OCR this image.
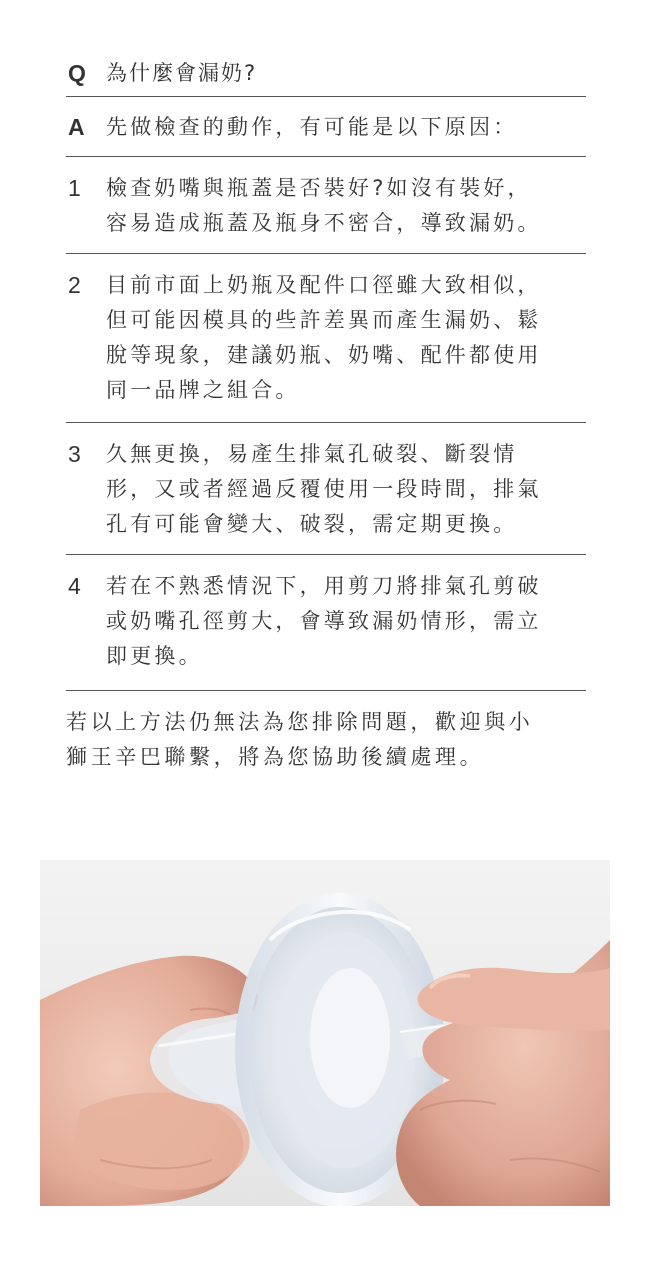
Q 為什麼會漏奶?
A	先做檢查的動作，有可能是以下原因：
1	檢查奶嘴與瓶蓋是否裝好?如沒有裝好，
容易造成瓶蓋及瓶身不密合，導致漏奶。
2	目前市面上奶瓶及配件口徑雖大致相似，
但可能因模具的些許差異而產生漏奶、鬆
脫等現象，建議奶瓶、奶嘴、配件都使用
同一品牌之組合。
3	久無更換，易產生排氣孔破裂、斷裂情
形，又或者經過反覆使用一段時間，排氣
孔有可能會變大、破裂，需定期更換。
4	若在不熟悉情況下，用剪刀將排氣孔剪破
或奶嘴孔徑剪大，會導致漏奶情形，需立
即更換。
若以上方法仍無法為您排除問題，歡迎與小
獅王辛巴聯繫，將為您協助後續處理。
